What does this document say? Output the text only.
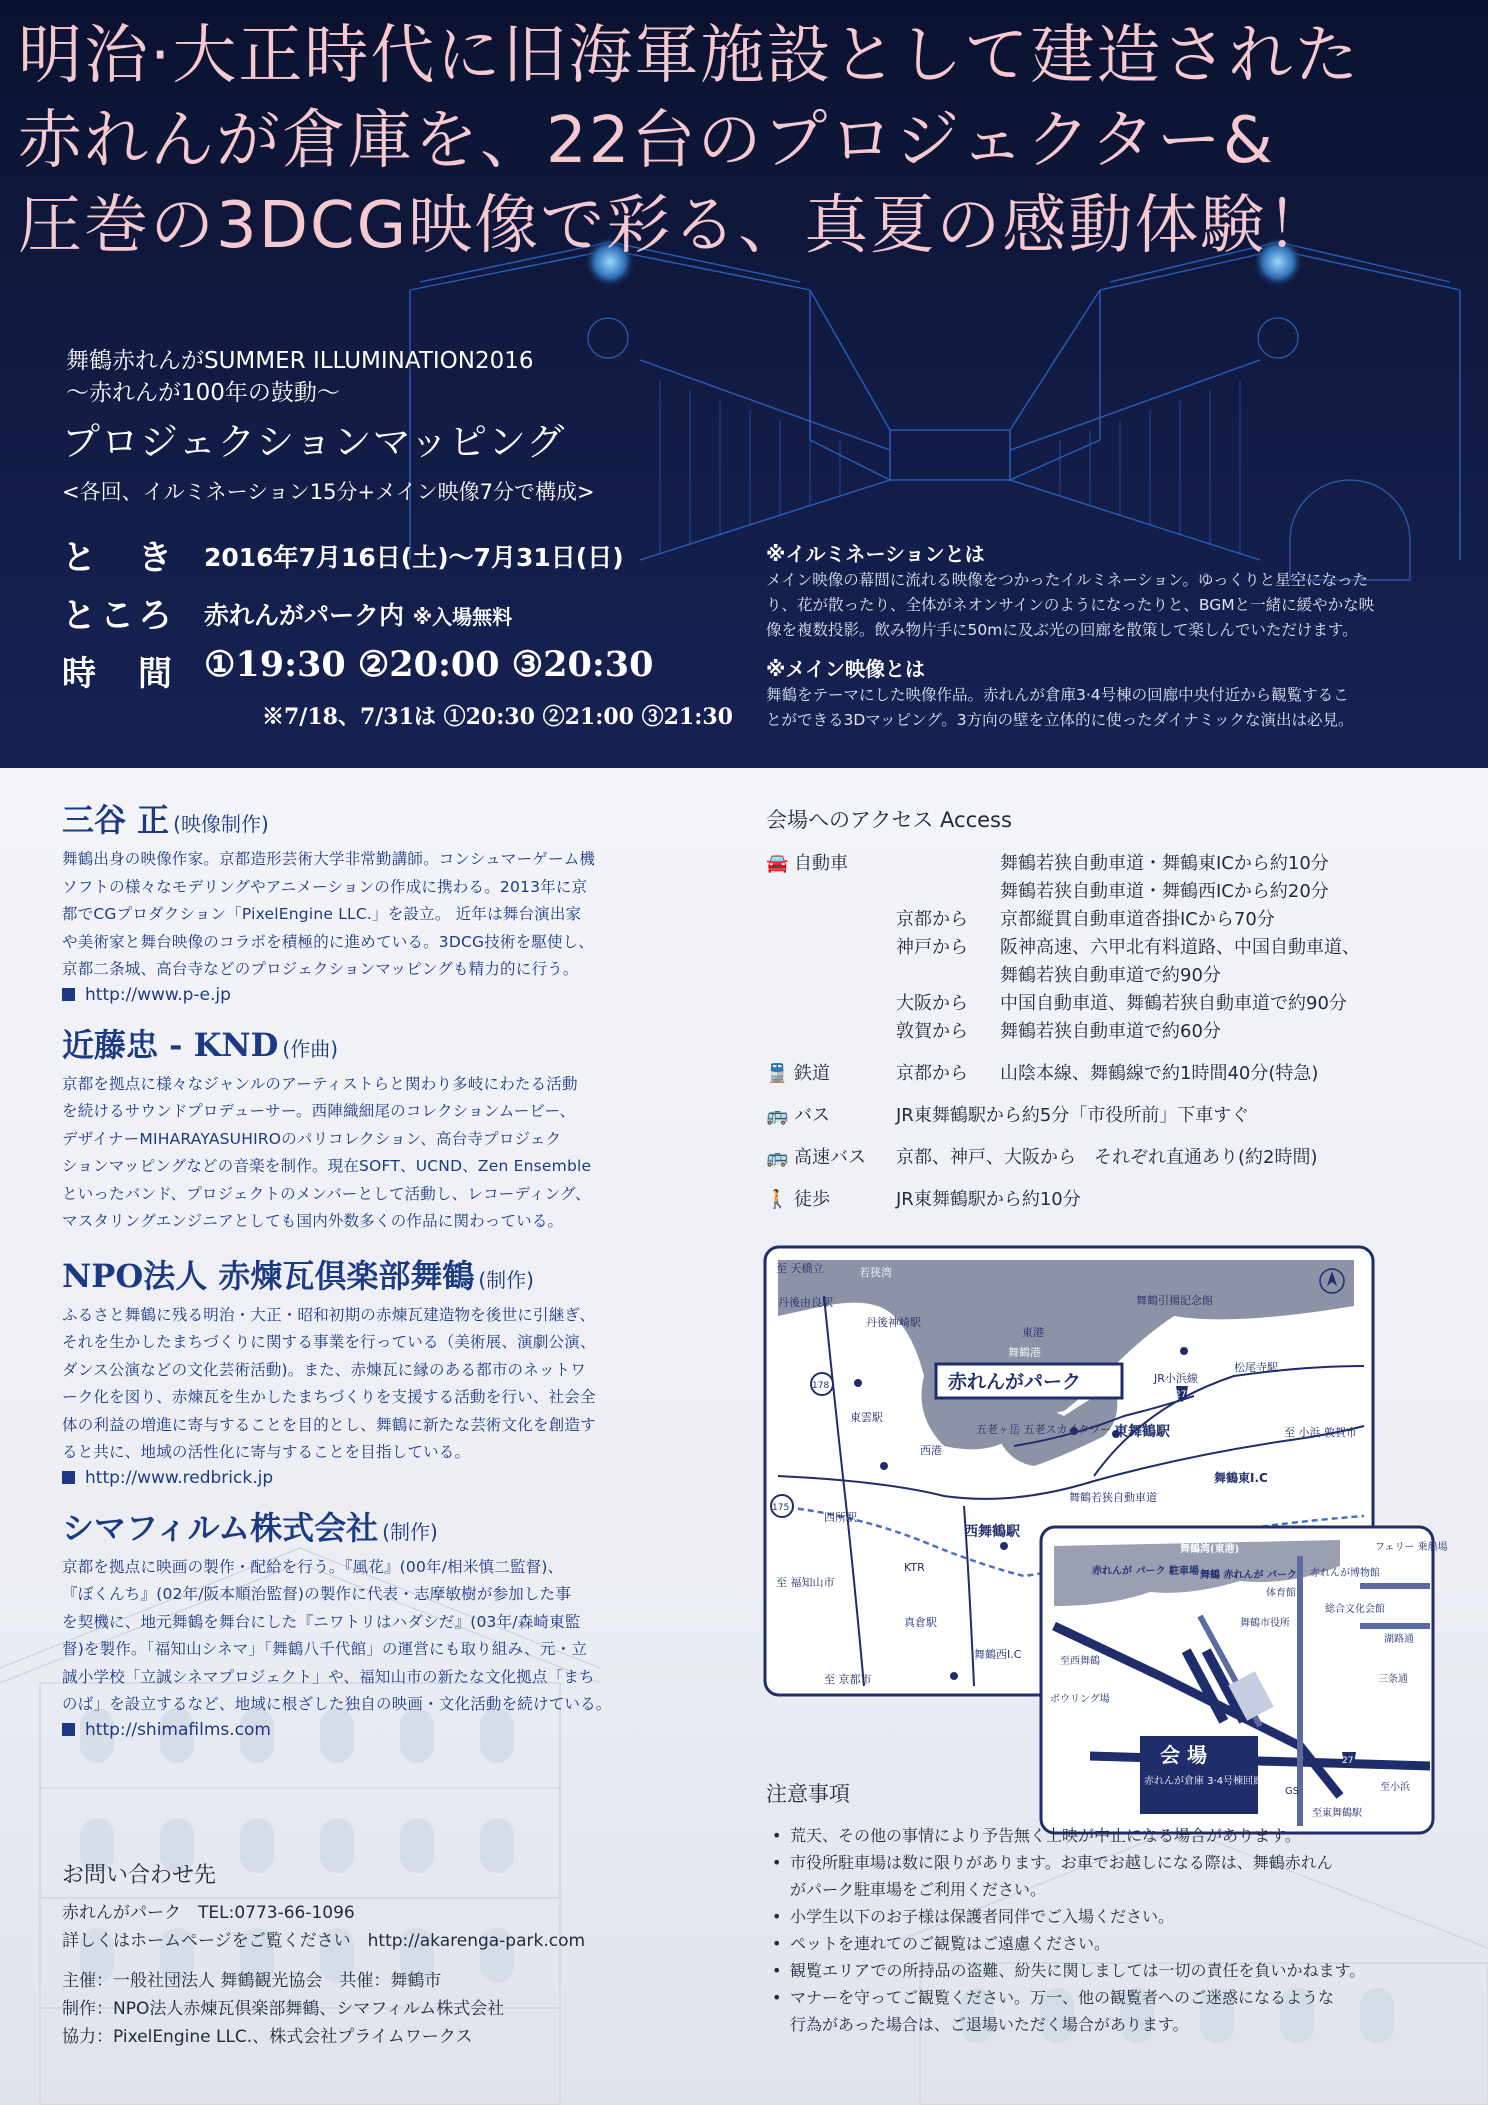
明治·大正時代に旧海軍施設として建造された
赤れんが倉庫を、22台のプロジェクター&
圧巻の3DCG映像で彩る、真夏の感動体験！
舞鶴赤れんがSUMMER ILLUMINATION2016
〜赤れんが100年の鼓動〜
プロジェクションマッピング
<各回、イルミネーション15分+メイン映像7分で構成>
と　き 2016年7月16日(土)〜7月31日(日)
ところ 赤れんがパーク内 ※入場無料
時　間 ①19:30 ②20:00 ③20:30
※7/18、7/31は ①20:30 ②21:00 ③21:30
※イルミネーションとは

メイン映像の幕間に流れる映像をつかったイルミネーション。ゆっくりと星空になった
り、花が散ったり、全体がネオンサインのようになったりと、BGMと一緒に緩やかな映
像を複数投影。飲み物片手に50mに及ぶ光の回廊を散策して楽しんでいただけます。

※メイン映像とは

舞鶴をテーマにした映像作品。赤れんが倉庫3·4号棟の回廊中央付近から観覧するこ
とができる3Dマッピング。3方向の壁を立体的に使ったダイナミックな演出は必見。

三谷 正 (映像制作)

舞鶴出身の映像作家。京都造形芸術大学非常勤講師。コンシュマーゲーム機
ソフトの様々なモデリングやアニメーションの作成に携わる。2013年に京
都でCGプロダクション「PixelEngine LLC.」を設立。 近年は舞台演出家
や美術家と舞台映像のコラボを積極的に進めている。3DCG技術を駆使し、
京都二条城、高台寺などのプロジェクションマッピングも精力的に行う。

http://www.p-e.jp
近藤忠 - KND (作曲)

京都を拠点に様々なジャンルのアーティストらと関わり多岐にわたる活動
を続けるサウンドプロデューサー。西陣織細尾のコレクションムービー、
デザイナーMIHARAYASUHIROのパリコレクション、高台寺プロジェク
ションマッピングなどの音楽を制作。現在SOFT、UCND、Zen Ensemble
といったバンド、プロジェクトのメンバーとして活動し、レコーディング、
マスタリングエンジニアとしても国内外数多くの作品に関わっている。

NPO法人 赤煉瓦倶楽部舞鶴 (制作)

ふるさと舞鶴に残る明治・大正・昭和初期の赤煉瓦建造物を後世に引継ぎ、
それを生かしたまちづくりに関する事業を行っている（美術展、演劇公演、
ダンス公演などの文化芸術活動)。また、赤煉瓦に縁のある都市のネットワ
ーク化を図り、赤煉瓦を生かしたまちづくりを支援する活動を行い、社会全
体の利益の増進に寄与することを目的とし、舞鶴に新たな芸術文化を創造す
ると共に、地域の活性化に寄与することを目指している。

http://www.redbrick.jp
シマフィルム株式会社 (制作)

京都を拠点に映画の製作・配給を行う。『風花』(00年/相米慎二監督)、
『ぼくんち』(02年/阪本順治監督)の製作に代表・志摩敏樹が参加した事
を契機に、地元舞鶴を舞台にした『ニワトリはハダシだ』(03年/森崎東監
督)を製作。「福知山シネマ」「舞鶴八千代館」の運営にも取り組み、元・立
誠小学校「立誠シネマプロジェクト」や、福知山市の新たな文化拠点「まち
のば」を設立するなど、地域に根ざした独自の映画・文化活動を続けている。

http://shimafilms.com
お問い合わせ先

赤れんがパーク　TEL:0773-66-1096

詳しくはホームページをご覧ください　http://akarenga-park.com

主催：一般社団法人 舞鶴観光協会　共催：舞鶴市

制作：NPO法人赤煉瓦倶楽部舞鶴、シマフィルム株式会社

協力：PixelEngine LLC.、株式会社プライムワークス

会場へのアクセス Access
🚘 自動車	舞鶴若狭自動車道・舞鶴東ICから約10分
舞鶴若狭自動車道・舞鶴西ICから約20分
京都から 京都縦貫自動車道沓掛ICから70分
神戸から 阪神高速、六甲北有料道路、中国自動車道、
舞鶴若狭自動車道で約90分
大阪から 中国自動車道、舞鶴若狭自動車道で約90分
敦賀から 舞鶴若狭自動車道で約60分
🚆 鉄道	京都から 山陰本線、舞鶴線で約1時間40分(特急)
🚌 バス	JR東舞鶴駅から約5分「市役所前」下車すぐ
🚌 高速バス 京都、神戸、大阪から　それぞれ直通あり(約2時間)
🚶 徒歩	JR東舞鶴駅から約10分
若狭湾
舞鶴港
舞鶴引揚記念館
丹後神崎駅
松尾寺駅
JR小浜線
東雲駅
五老ヶ岳 五老スカイタワー
四所駅
舞鶴若狭自動車道
KTR
真倉駅
至 京都市
舞鶴西I.C
東港
西港
丹後由良駅
至 天橋立
至 福知山市
至 小浜 敦賀市
東舞鶴駅
西舞鶴駅
舞鶴東I.C
27
178
175
赤れんがパーク
舞鶴湾(東港)
赤れんが パーク 駐車場 舞鶴 赤れんが パーク
フェリー 乗船場
総合文化会館
赤れんが博物館
体育館
舞鶴市役所
湖路通
三条通
至西舞鶴
ボウリング場
GS	至小浜
至東舞鶴駅
27
会 場
赤れんが倉庫 3·4号棟回廊
注意事項
• 荒天、その他の事情により予告無く上映が中止になる場合があります。
• 市役所駐車場は数に限りがあります。お車でお越しになる際は、舞鶴赤れん
がパーク駐車場をご利用ください。
• 小学生以下のお子様は保護者同伴でご入場ください。
• ペットを連れてのご観覧はご遠慮ください。
• 観覧エリアでの所持品の盗難、紛失に関しましては一切の責任を負いかねます。
• マナーを守ってご観覧ください。万一、他の観覧者へのご迷惑になるような
行為があった場合は、ご退場いただく場合があります。
